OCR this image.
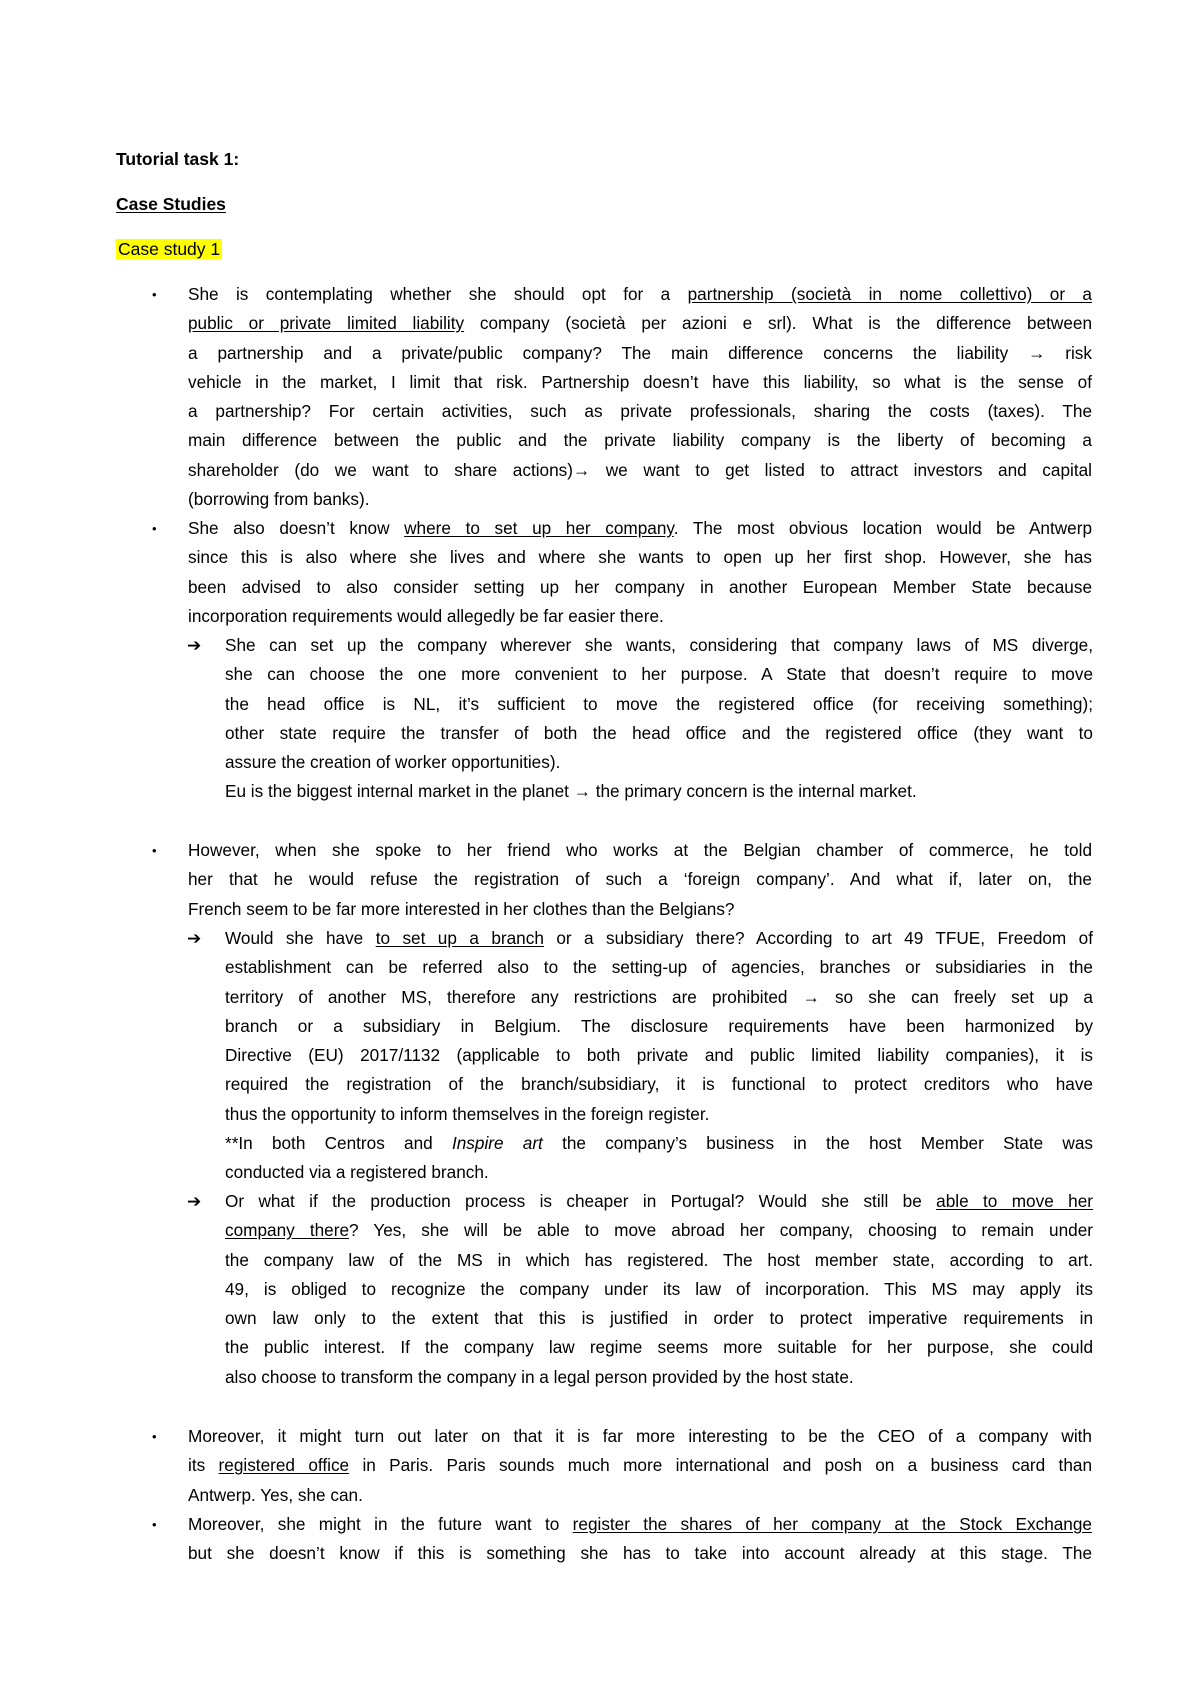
Tutorial task 1:
Case Studies
Case study 1
• She is contemplating whether she should opt for a partnership (società in nome collettivo) or a
public or private limited liability company (società per azioni e srl). What is the difference between
a partnership and a private/public company? The main difference concerns the liability → risk
vehicle in the market, I limit that risk. Partnership doesn’t have this liability, so what is the sense of
a partnership? For certain activities, such as private professionals, sharing the costs (taxes). The
main difference between the public and the private liability company is the liberty of becoming a
shareholder (do we want to share actions)→ we want to get listed to attract investors and capital
(borrowing from banks).
• She also doesn’t know where to set up her company. The most obvious location would be Antwerp
since this is also where she lives and where she wants to open up her first shop. However, she has
been advised to also consider setting up her company in another European Member State because
incorporation requirements would allegedly be far easier there.
➔ She can set up the company wherever she wants, considering that company laws of MS diverge,
she can choose the one more convenient to her purpose. A State that doesn’t require to move
the head office is NL, it’s sufficient to move the registered office (for receiving something);
other state require the transfer of both the head office and the registered office (they want to
assure the creation of worker opportunities).
Eu is the biggest internal market in the planet → the primary concern is the internal market.
• However, when she spoke to her friend who works at the Belgian chamber of commerce, he told
her that he would refuse the registration of such a ‘foreign company’. And what if, later on, the
French seem to be far more interested in her clothes than the Belgians?
➔ Would she have to set up a branch or a subsidiary there? According to art 49 TFUE, Freedom of
establishment can be referred also to the setting-up of agencies, branches or subsidiaries in the
territory of another MS, therefore any restrictions are prohibited → so she can freely set up a
branch or a subsidiary in Belgium. The disclosure requirements have been harmonized by
Directive (EU) 2017/1132 (applicable to both private and public limited liability companies), it is
required the registration of the branch/subsidiary, it is functional to protect creditors who have
thus the opportunity to inform themselves in the foreign register.
**In both Centros and Inspire art the company’s business in the host Member State was
conducted via a registered branch.
➔ Or what if the production process is cheaper in Portugal? Would she still be able to move her
company there? Yes, she will be able to move abroad her company, choosing to remain under
the company law of the MS in which has registered. The host member state, according to art.
49, is obliged to recognize the company under its law of incorporation. This MS may apply its
own law only to the extent that this is justified in order to protect imperative requirements in
the public interest. If the company law regime seems more suitable for her purpose, she could
also choose to transform the company in a legal person provided by the host state.
• Moreover, it might turn out later on that it is far more interesting to be the CEO of a company with
its registered office in Paris. Paris sounds much more international and posh on a business card than
Antwerp. Yes, she can.
• Moreover, she might in the future want to register the shares of her company at the Stock Exchange
but she doesn’t know if this is something she has to take into account already at this stage. The
